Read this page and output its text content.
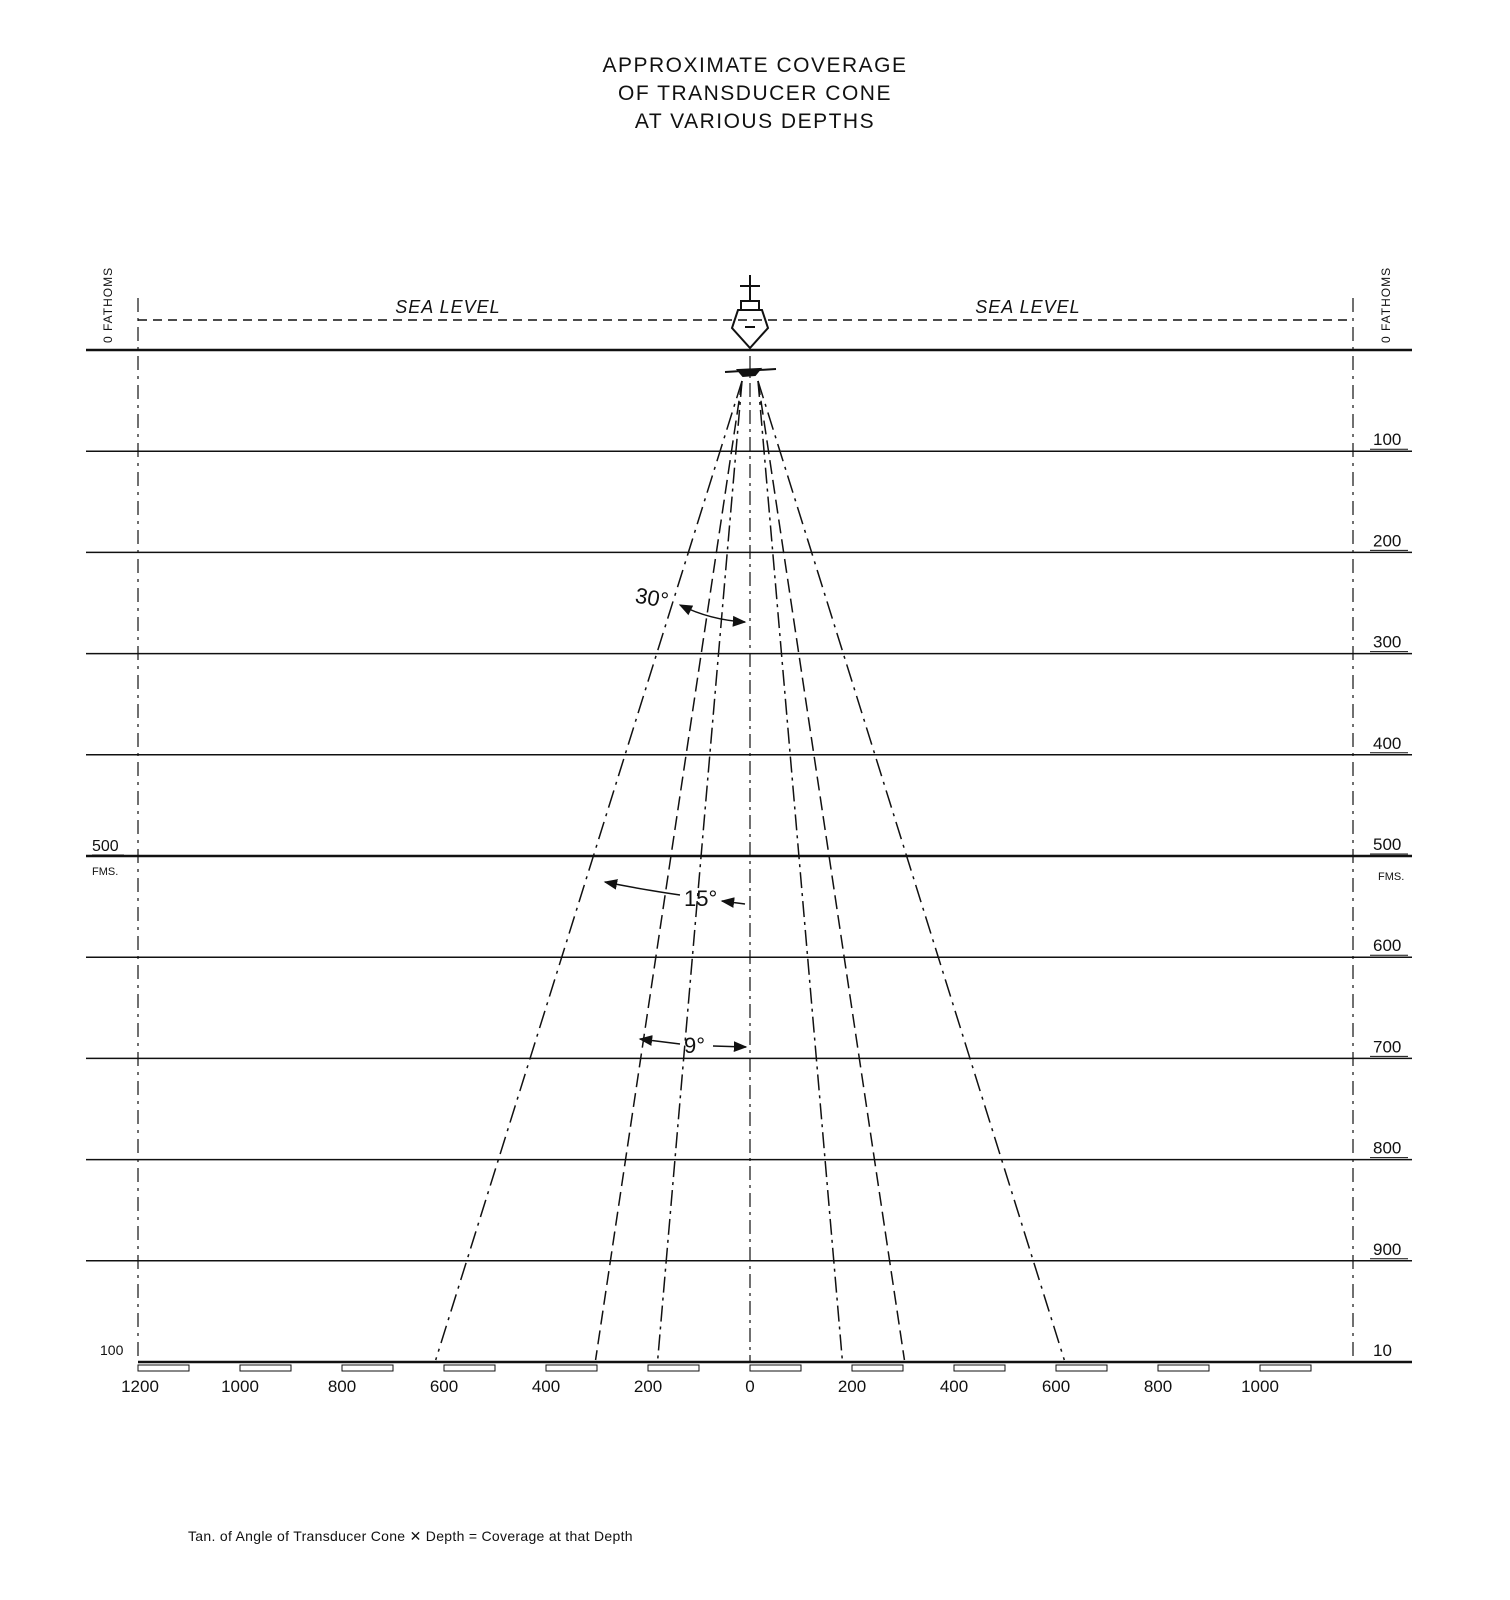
APPROXIMATE COVERAGE
OF TRANSDUCER CONE
AT VARIOUS DEPTHS
SEA LEVEL	SEA LEVEL
0 FATHOMS	0 FATHOMS
100
200
300
400
500
600
700
800
900
10
1200	1000	800	600	400	200	0	200	400	600	800	1000
500
FMS.
100
FMS.
30°
15°
9°
Tan. of Angle of Transducer Cone ✕ Depth = Coverage at that Depth
